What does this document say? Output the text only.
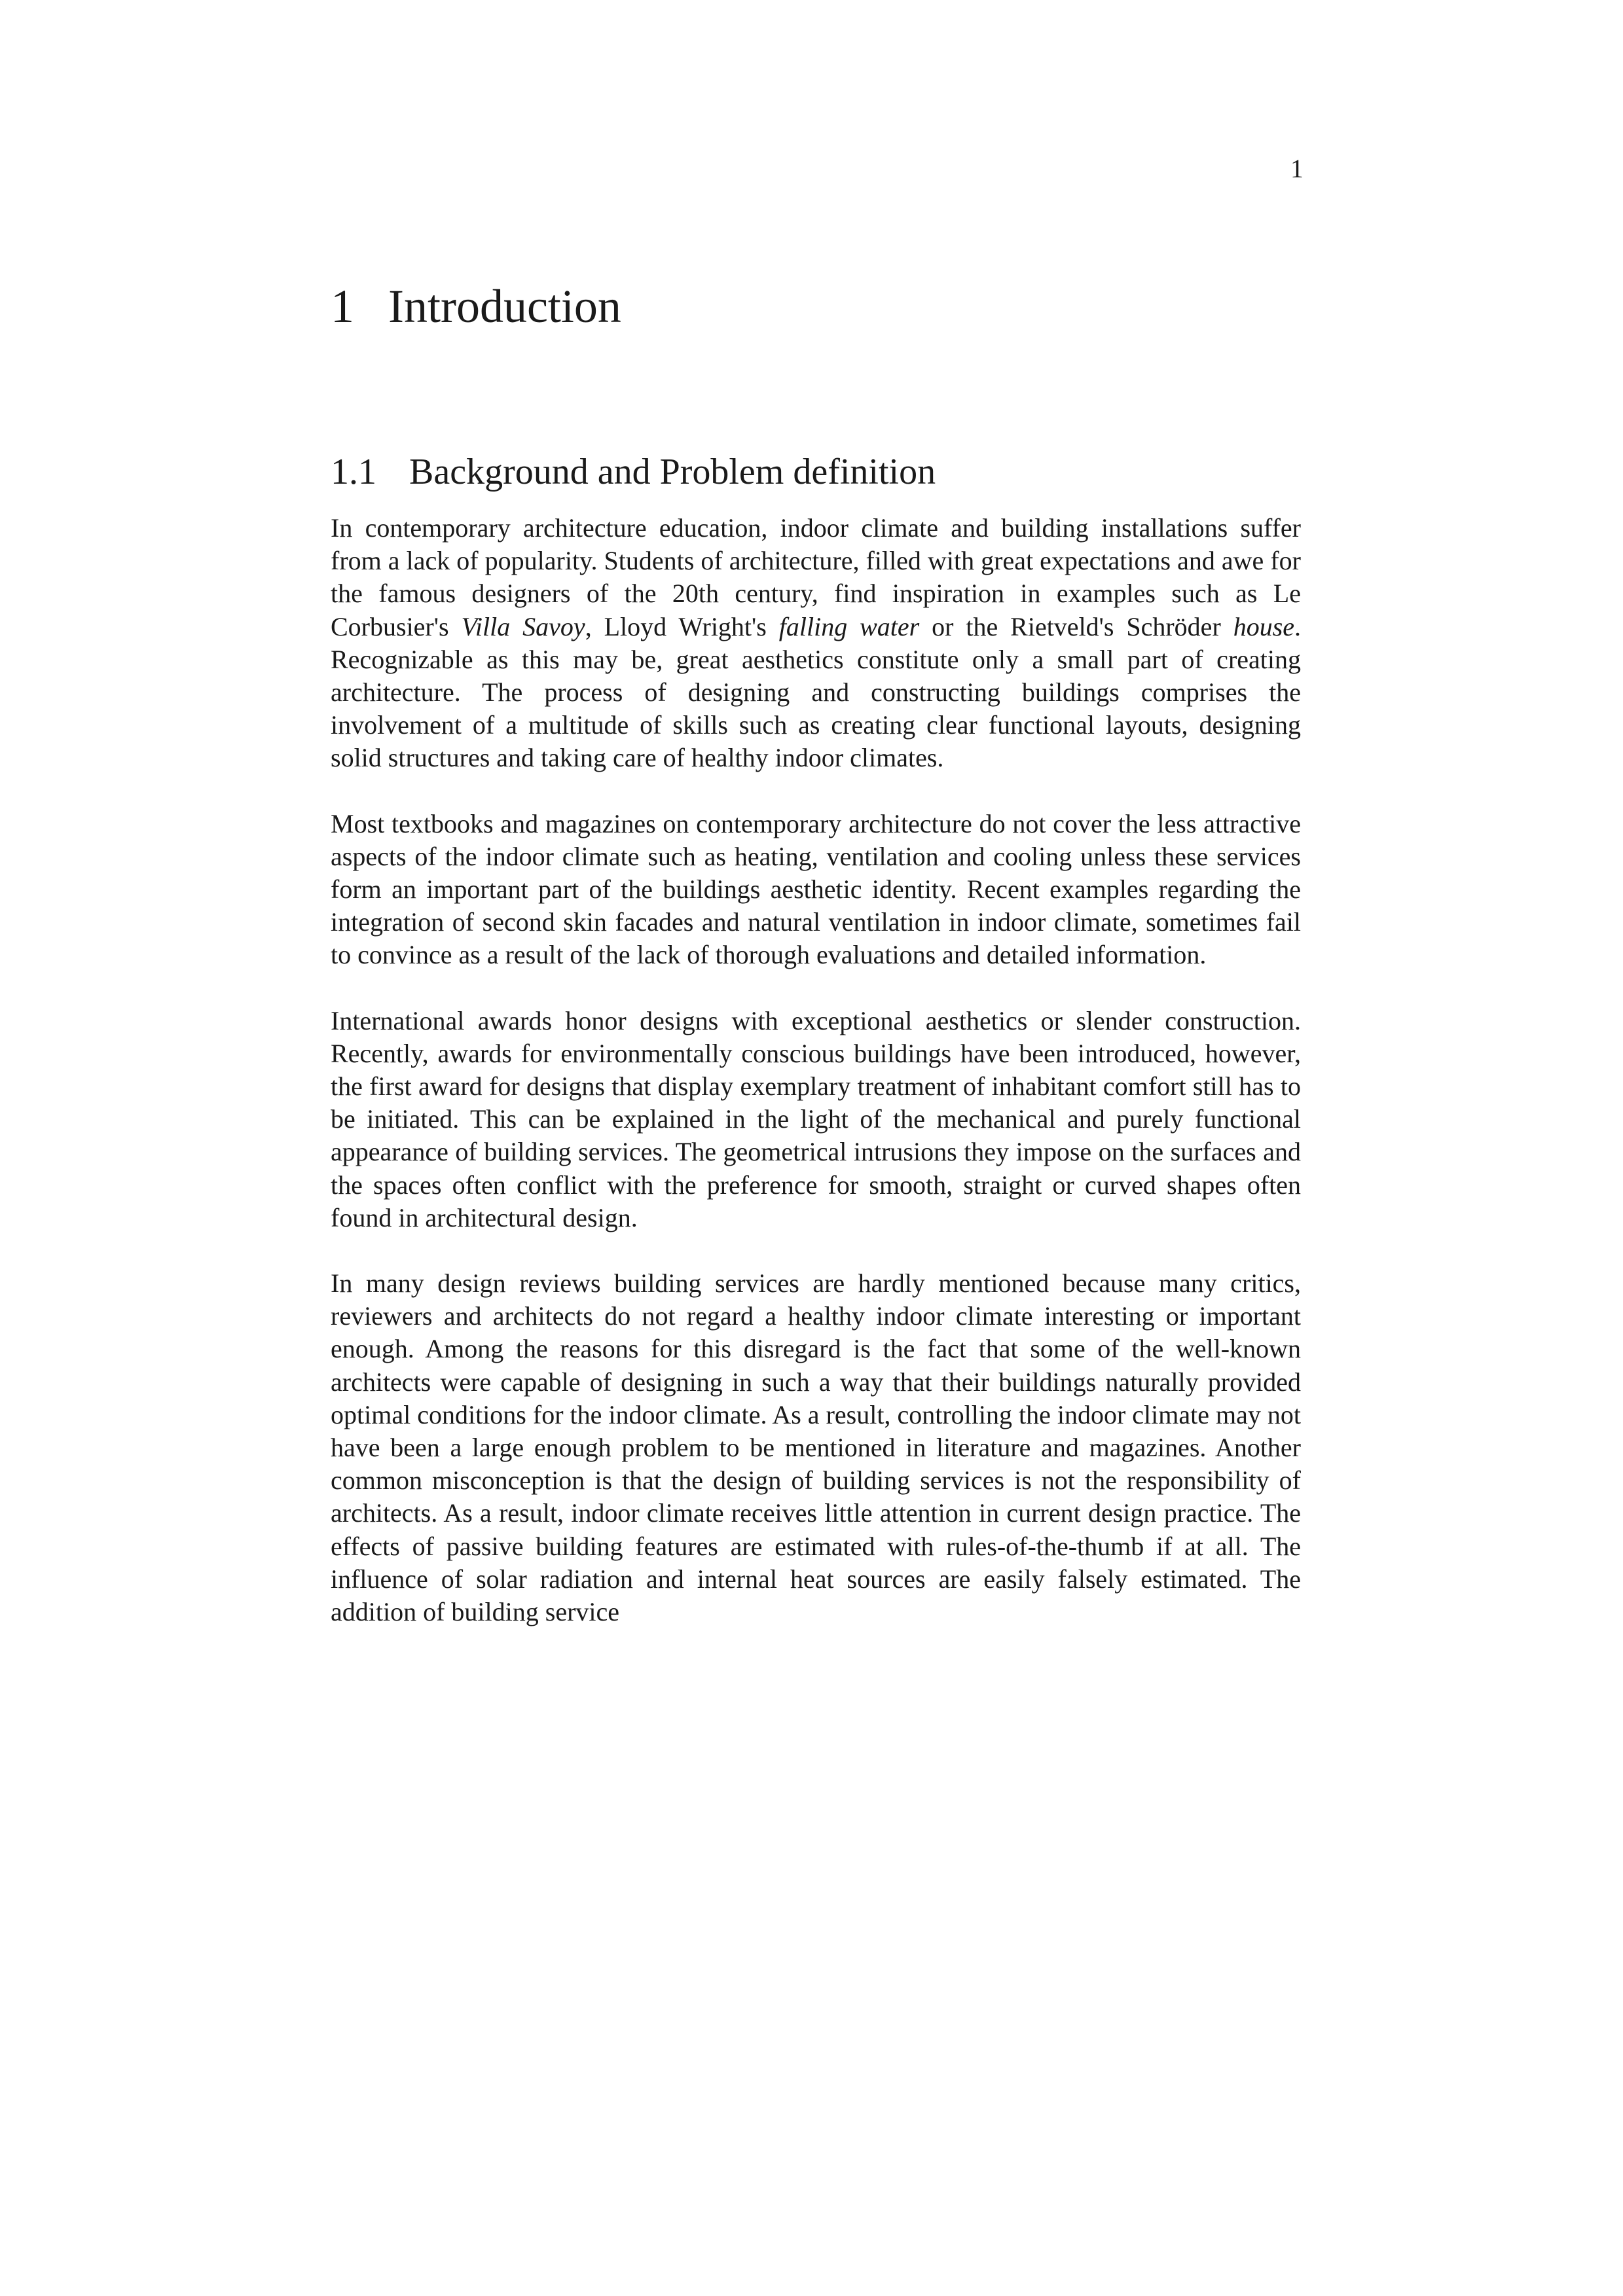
1
1 Introduction
1.1 Background and Problem definition

In contemporary architecture education, indoor climate and building installations suffer from a lack of popularity. Students of architecture, filled with great expectations and awe for the famous designers of the 20th century, find inspiration in examples such as Le Corbusier's Villa Savoy, Lloyd Wright's falling water or the Rietveld's Schröder house. Recognizable as this may be, great aesthetics constitute only a small part of creating architecture. The process of designing and constructing buildings comprises the involvement of a multitude of skills such as creating clear functional layouts, designing solid structures and taking care of healthy indoor climates.

Most textbooks and magazines on contemporary architecture do not cover the less attractive aspects of the indoor climate such as heating, ventilation and cooling unless these services form an important part of the buildings aesthetic identity. Recent examples regarding the integration of second skin facades and natural ventilation in indoor climate, sometimes fail to convince as a result of the lack of thorough evaluations and detailed information.

International awards honor designs with exceptional aesthetics or slender construction. Recently, awards for environmentally conscious buildings have been introduced, however, the first award for designs that display exemplary treatment of inhabitant comfort still has to be initiated. This can be explained in the light of the mechanical and purely functional appearance of building services. The geometrical intrusions they impose on the surfaces and the spaces often conflict with the preference for smooth, straight or curved shapes often found in architectural design.

In many design reviews building services are hardly mentioned because many critics, reviewers and architects do not regard a healthy indoor climate interesting or important enough. Among the reasons for this disregard is the fact that some of the well-known architects were capable of designing in such a way that their buildings naturally provided optimal conditions for the indoor climate. As a result, controlling the indoor climate may not have been a large enough problem to be mentioned in literature and magazines. Another common misconception is that the design of building services is not the responsibility of architects. As a result, indoor climate receives little attention in current design practice. The effects of passive building features are estimated with rules-of-the-thumb if at all. The influence of solar radiation and internal heat sources are easily falsely estimated. The addition of building service
